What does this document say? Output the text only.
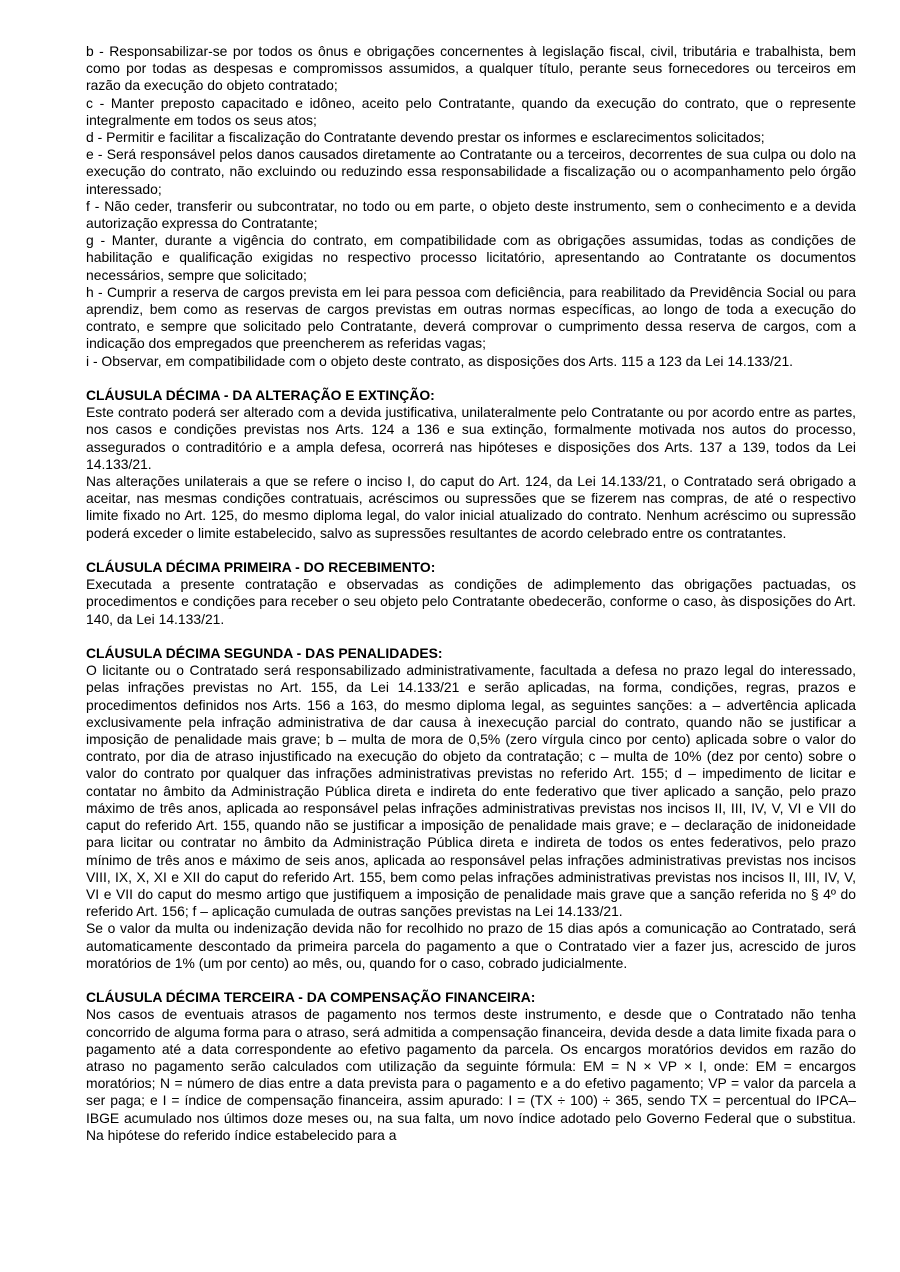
b - Responsabilizar-se por todos os ônus e obrigações concernentes à legislação fiscal, civil, tributária e trabalhista, bem como por todas as despesas e compromissos assumidos, a qualquer título, perante seus fornecedores ou terceiros em razão da execução do objeto contratado;

c - Manter preposto capacitado e idôneo, aceito pelo Contratante, quando da execução do contrato, que o represente integralmente em todos os seus atos;

d - Permitir e facilitar a fiscalização do Contratante devendo prestar os informes e esclarecimentos solicitados;

e - Será responsável pelos danos causados diretamente ao Contratante ou a terceiros, decorrentes de sua culpa ou dolo na execução do contrato, não excluindo ou reduzindo essa responsabilidade a fiscalização ou o acompanhamento pelo órgão interessado;

f - Não ceder, transferir ou subcontratar, no todo ou em parte, o objeto deste instrumento, sem o conhecimento e a devida autorização expressa do Contratante;

g - Manter, durante a vigência do contrato, em compatibilidade com as obrigações assumidas, todas as condições de habilitação e qualificação exigidas no respectivo processo licitatório, apresentando ao Contratante os documentos necessários, sempre que solicitado;

h - Cumprir a reserva de cargos prevista em lei para pessoa com deficiência, para reabilitado da Previdência Social ou para aprendiz, bem como as reservas de cargos previstas em outras normas específicas, ao longo de toda a execução do contrato, e sempre que solicitado pelo Contratante, deverá comprovar o cumprimento dessa reserva de cargos, com a indicação dos empregados que preencherem as referidas vagas;

i - Observar, em compatibilidade com o objeto deste contrato, as disposições dos Arts. 115 a 123 da Lei 14.133/21.

CLÁUSULA DÉCIMA - DA ALTERAÇÃO E EXTINÇÃO:

Este contrato poderá ser alterado com a devida justificativa, unilateralmente pelo Contratante ou por acordo entre as partes, nos casos e condições previstas nos Arts. 124 a 136 e sua extinção, formalmente motivada nos autos do processo, assegurados o contraditório e a ampla defesa, ocorrerá nas hipóteses e disposições dos Arts. 137 a 139, todos da Lei 14.133/21.

Nas alterações unilaterais a que se refere o inciso I, do caput do Art. 124, da Lei 14.133/21, o Contratado será obrigado a aceitar, nas mesmas condições contratuais, acréscimos ou supressões que se fizerem nas compras, de até o respectivo limite fixado no Art. 125, do mesmo diploma legal, do valor inicial atualizado do contrato. Nenhum acréscimo ou supressão poderá exceder o limite estabelecido, salvo as supressões resultantes de acordo celebrado entre os contratantes.

CLÁUSULA DÉCIMA PRIMEIRA - DO RECEBIMENTO:

Executada a presente contratação e observadas as condições de adimplemento das obrigações pactuadas, os procedimentos e condições para receber o seu objeto pelo Contratante obedecerão, conforme o caso, às disposições do Art. 140, da Lei 14.133/21.

CLÁUSULA DÉCIMA SEGUNDA - DAS PENALIDADES:

O licitante ou o Contratado será responsabilizado administrativamente, facultada a defesa no prazo legal do interessado, pelas infrações previstas no Art. 155, da Lei 14.133/21 e serão aplicadas, na forma, condições, regras, prazos e procedimentos definidos nos Arts. 156 a 163, do mesmo diploma legal, as seguintes sanções: a – advertência aplicada exclusivamente pela infração administrativa de dar causa à inexecução parcial do contrato, quando não se justificar a imposição de penalidade mais grave; b – multa de mora de 0,5% (zero vírgula cinco por cento) aplicada sobre o valor do contrato, por dia de atraso injustificado na execução do objeto da contratação; c – multa de 10% (dez por cento) sobre o valor do contrato por qualquer das infrações administrativas previstas no referido Art. 155; d – impedimento de licitar e contatar no âmbito da Administração Pública direta e indireta do ente federativo que tiver aplicado a sanção, pelo prazo máximo de três anos, aplicada ao responsável pelas infrações administrativas previstas nos incisos II, III, IV, V, VI e VII do caput do referido Art. 155, quando não se justificar a imposição de penalidade mais grave; e – declaração de inidoneidade para licitar ou contratar no âmbito da Administração Pública direta e indireta de todos os entes federativos, pelo prazo mínimo de três anos e máximo de seis anos, aplicada ao responsável pelas infrações administrativas previstas nos incisos VIII, IX, X, XI e XII do caput do referido Art. 155, bem como pelas infrações administrativas previstas nos incisos II, III, IV, V, VI e VII do caput do mesmo artigo que justifiquem a imposição de penalidade mais grave que a sanção referida no § 4º do referido Art. 156; f – aplicação cumulada de outras sanções previstas na Lei 14.133/21.

Se o valor da multa ou indenização devida não for recolhido no prazo de 15 dias após a comunicação ao Contratado, será automaticamente descontado da primeira parcela do pagamento a que o Contratado vier a fazer jus, acrescido de juros moratórios de 1% (um por cento) ao mês, ou, quando for o caso, cobrado judicialmente.

CLÁUSULA DÉCIMA TERCEIRA - DA COMPENSAÇÃO FINANCEIRA:

Nos casos de eventuais atrasos de pagamento nos termos deste instrumento, e desde que o Contratado não tenha concorrido de alguma forma para o atraso, será admitida a compensação financeira, devida desde a data limite fixada para o pagamento até a data correspondente ao efetivo pagamento da parcela. Os encargos moratórios devidos em razão do atraso no pagamento serão calculados com utilização da seguinte fórmula: EM = N × VP × I, onde: EM = encargos moratórios; N = número de dias entre a data prevista para o pagamento e a do efetivo pagamento; VP = valor da parcela a ser paga; e I = índice de compensação financeira, assim apurado: I = (TX ÷ 100) ÷ 365, sendo TX = percentual do IPCA–IBGE acumulado nos últimos doze meses ou, na sua falta, um novo índice adotado pelo Governo Federal que o substitua. Na hipótese do referido índice estabelecido para a
